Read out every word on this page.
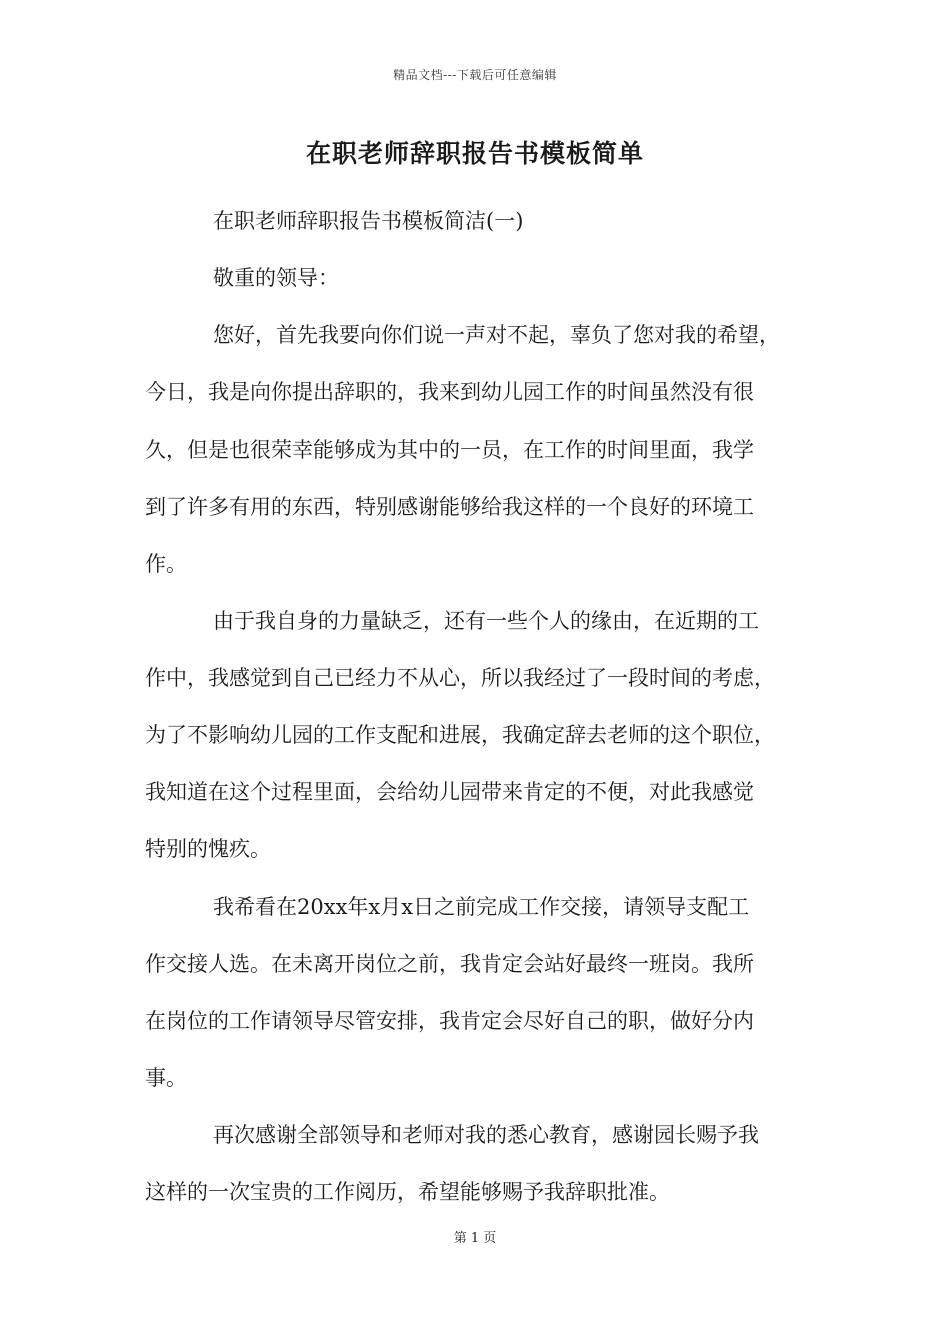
精品文档---下载后可任意编辑
在职老师辞职报告书模板简单
在职老师辞职报告书模板简洁(一)
敬重的领导：
您好，首先我要向你们说一声对不起，辜负了您对我的希望，
今日，我是向你提出辞职的，我来到幼儿园工作的时间虽然没有很
久，但是也很荣幸能够成为其中的一员，在工作的时间里面，我学
到了许多有用的东西，特别感谢能够给我这样的一个良好的环境工
作。
由于我自身的力量缺乏，还有一些个人的缘由，在近期的工
作中，我感觉到自己已经力不从心，所以我经过了一段时间的考虑，
为了不影响幼儿园的工作支配和进展，我确定辞去老师的这个职位，
我知道在这个过程里面，会给幼儿园带来肯定的不便，对此我感觉
特别的愧疚。
我希看在20xx年x月x日之前完成工作交接，请领导支配工
作交接人选。在未离开岗位之前，我肯定会站好最终一班岗。我所
在岗位的工作请领导尽管安排，我肯定会尽好自己的职，做好分内
事。
再次感谢全部领导和老师对我的悉心教育，感谢园长赐予我
这样的一次宝贵的工作阅历，希望能够赐予我辞职批准。
第 1 页
